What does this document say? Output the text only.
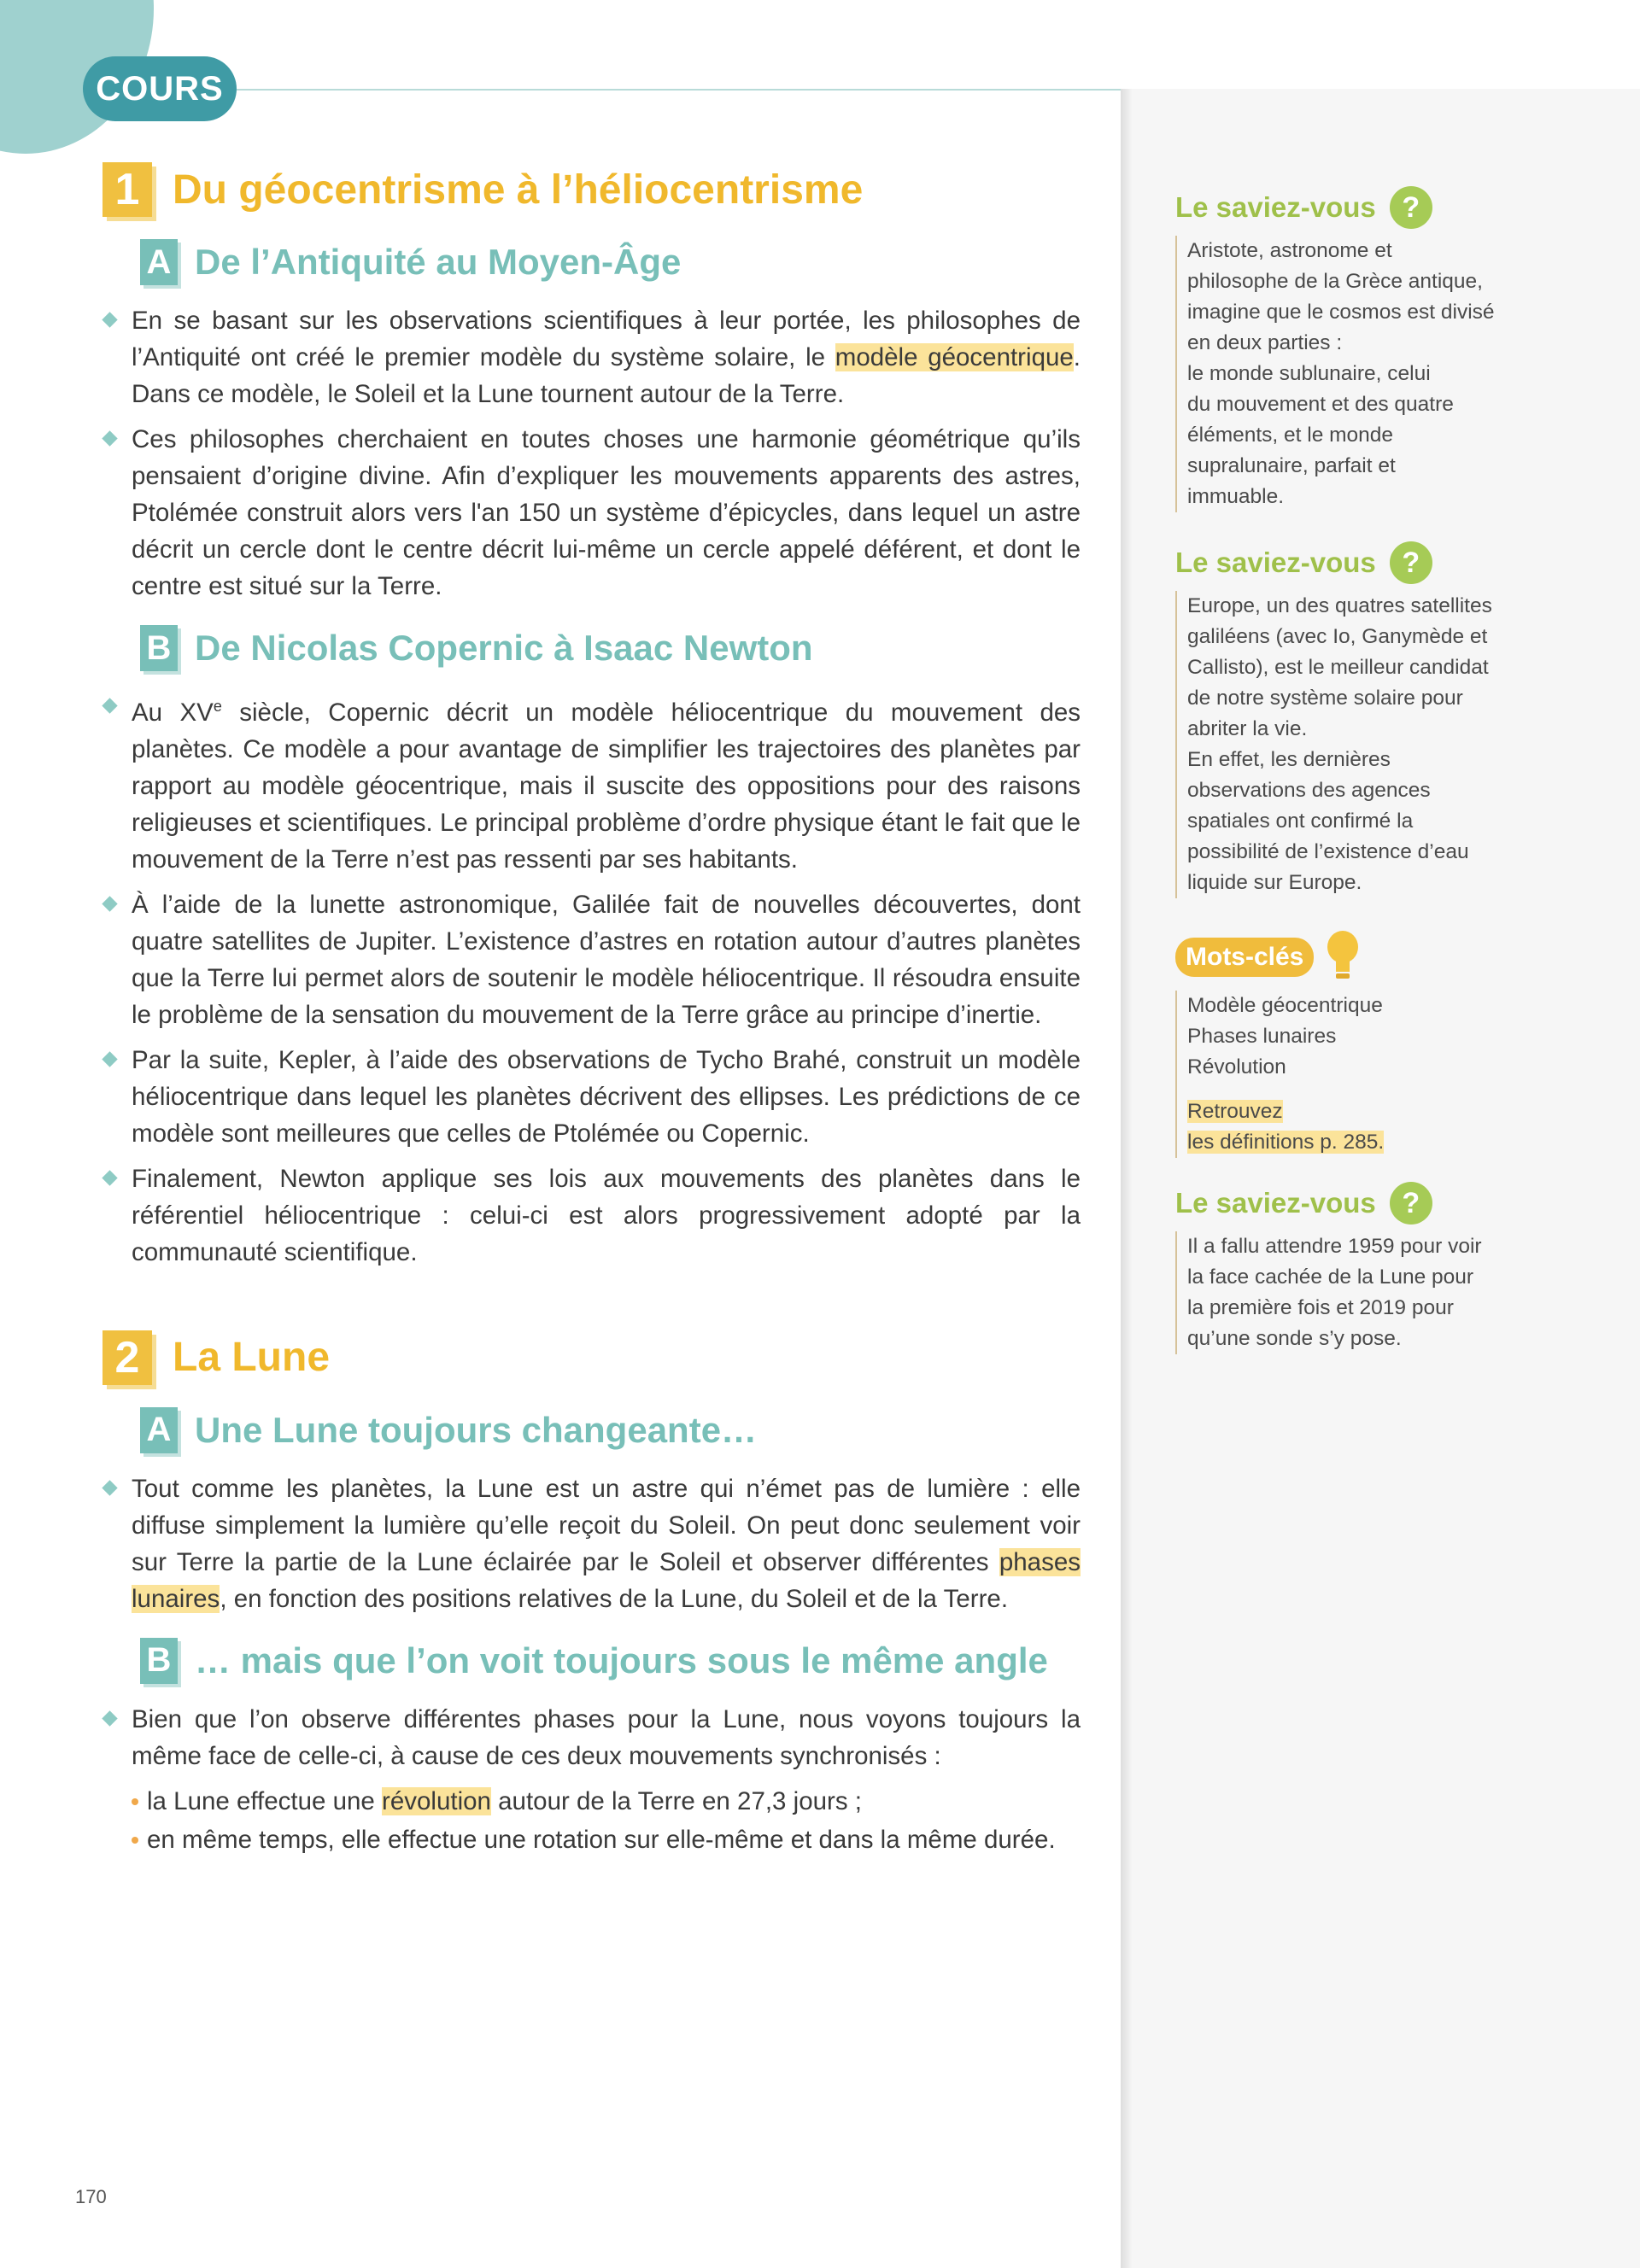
COURS
1 Du géocentrisme à l’héliocentrisme
A De l’Antiquité au Moyen-Âge
En se basant sur les observations scientifiques à leur portée, les philosophes de l’Antiquité ont créé le premier modèle du système solaire, le modèle géocentrique. Dans ce modèle, le Soleil et la Lune tournent autour de la Terre.
Ces philosophes cherchaient en toutes choses une harmonie géométrique qu’ils pensaient d’origine divine. Afin d’expliquer les mouvements apparents des astres, Ptolémée construit alors vers l'an 150 un système d’épicycles, dans lequel un astre décrit un cercle dont le centre décrit lui-même un cercle appelé déférent, et dont le centre est situé sur la Terre.
B De Nicolas Copernic à Isaac Newton
Au XVe siècle, Copernic décrit un modèle héliocentrique du mouvement des planètes. Ce modèle a pour avantage de simplifier les trajectoires des planètes par rapport au modèle géocentrique, mais il suscite des oppositions pour des raisons religieuses et scientifiques. Le principal problème d’ordre physique étant le fait que le mouvement de la Terre n’est pas ressenti par ses habitants.
À l’aide de la lunette astronomique, Galilée fait de nouvelles découvertes, dont quatre satellites de Jupiter. L’existence d’astres en rotation autour d’autres planètes que la Terre lui permet alors de soutenir le modèle héliocentrique. Il résoudra ensuite le problème de la sensation du mouvement de la Terre grâce au principe d’inertie.
Par la suite, Kepler, à l’aide des observations de Tycho Brahé, construit un modèle héliocentrique dans lequel les planètes décrivent des ellipses. Les prédictions de ce modèle sont meilleures que celles de Ptolémée ou Copernic.
Finalement, Newton applique ses lois aux mouvements des planètes dans le référentiel héliocentrique : celui-ci est alors progressivement adopté par la communauté scientifique.
2 La Lune
A Une Lune toujours changeante…
Tout comme les planètes, la Lune est un astre qui n’émet pas de lumière : elle diffuse simplement la lumière qu’elle reçoit du Soleil. On peut donc seulement voir sur Terre la partie de la Lune éclairée par le Soleil et observer différentes phases lunaires, en fonction des positions relatives de la Lune, du Soleil et de la Terre.
B … mais que l’on voit toujours sous le même angle
Bien que l’on observe différentes phases pour la Lune, nous voyons toujours la même face de celle-ci, à cause de ces deux mouvements synchronisés :
la Lune effectue une révolution autour de la Terre en 27,3 jours ;
en même temps, elle effectue une rotation sur elle-même et dans la même durée.
Le saviez-vous ?
Aristote, astronome et
philosophe de la Grèce antique,
imagine que le cosmos est divisé
en deux parties :
le monde sublunaire, celui
du mouvement et des quatre
éléments, et le monde
supralunaire, parfait et
immuable.
Le saviez-vous ?
Europe, un des quatres satellites
galiléens (avec Io, Ganymède et
Callisto), est le meilleur candidat
de notre système solaire pour
abriter la vie.
En effet, les dernières
observations des agences
spatiales ont confirmé la
possibilité de l’existence d’eau
liquide sur Europe.
Mots-clés
Modèle géocentrique
Phases lunaires
Révolution
Retrouvez
les définitions p. 285.
Le saviez-vous ?
Il a fallu attendre 1959 pour voir
la face cachée de la Lune pour
la première fois et 2019 pour
qu’une sonde s’y pose.
170
